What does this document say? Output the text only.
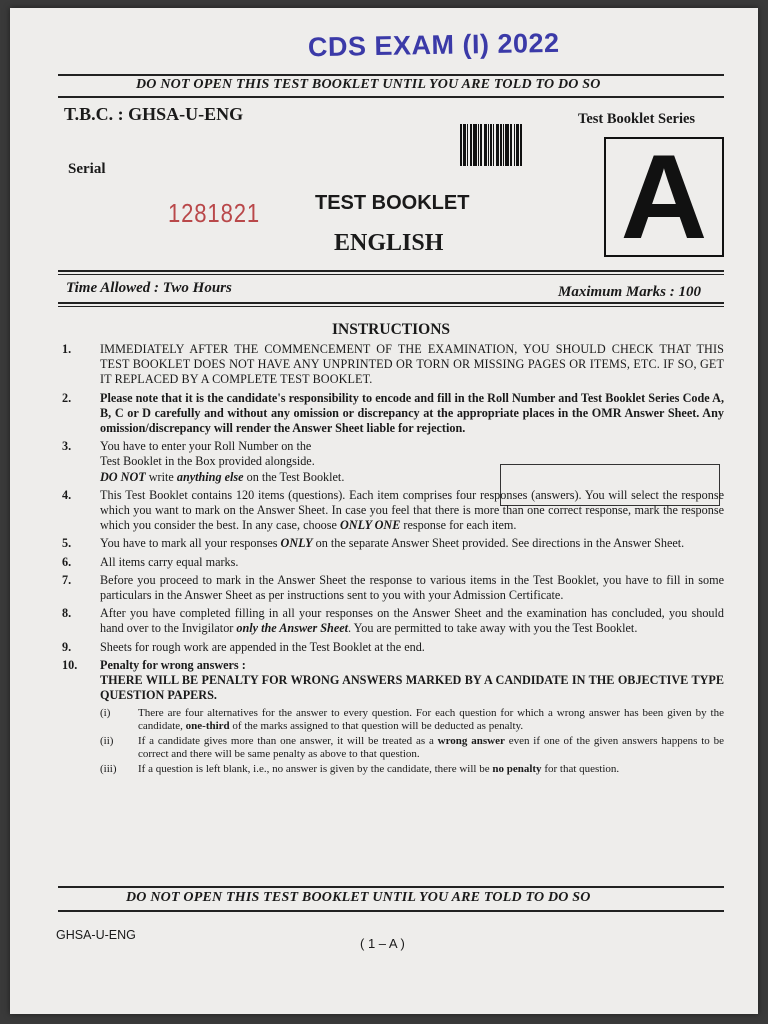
CDS EXAM (I) 2022
DO NOT OPEN THIS TEST BOOKLET UNTIL YOU ARE TOLD TO DO SO
T.B.C. : GHSA-U-ENG	Test Booklet Series
Serial
1281821	TEST BOOKLET
ENGLISH A
Time Allowed : Two Hours	Maximum Marks : 100
INSTRUCTIONS
1.	IMMEDIATELY AFTER THE COMMENCEMENT OF THE EXAMINATION, YOU SHOULD CHECK THAT THIS TEST BOOKLET DOES NOT HAVE ANY UNPRINTED OR TORN OR MISSING PAGES OR ITEMS, ETC. IF SO, GET IT REPLACED BY A COMPLETE TEST BOOKLET.
2.	Please note that it is the candidate's responsibility to encode and fill in the Roll Number and Test Booklet Series Code A, B, C or D carefully and without any omission or discrepancy at the appropriate places in the OMR Answer Sheet. Any omission/discrepancy will render the Answer Sheet liable for rejection.
3.	You have to enter your Roll Number on the
Test Booklet in the Box provided alongside.
DO NOT write anything else on the Test Booklet.
4.	This Test Booklet contains 120 items (questions). Each item comprises four responses (answers). You will select the response which you want to mark on the Answer Sheet. In case you feel that there is more than one correct response, mark the response which you consider the best. In any case, choose ONLY ONE response for each item.
5.	You have to mark all your responses ONLY on the separate Answer Sheet provided. See directions in the Answer Sheet.
6.	All items carry equal marks.
7.	Before you proceed to mark in the Answer Sheet the response to various items in the Test Booklet, you have to fill in some particulars in the Answer Sheet as per instructions sent to you with your Admission Certificate.
8.	After you have completed filling in all your responses on the Answer Sheet and the examination has concluded, you should hand over to the Invigilator only the Answer Sheet. You are permitted to take away with you the Test Booklet.
9.	Sheets for rough work are appended in the Test Booklet at the end.
10.	Penalty for wrong answers :
THERE WILL BE PENALTY FOR WRONG ANSWERS MARKED BY A CANDIDATE IN THE OBJECTIVE TYPE QUESTION PAPERS.
(i)	There are four alternatives for the answer to every question. For each question for which a wrong answer has been given by the candidate, one-third of the marks assigned to that question will be deducted as penalty.
(ii)	If a candidate gives more than one answer, it will be treated as a wrong answer even if one of the given answers happens to be correct and there will be same penalty as above to that question.
(iii)	If a question is left blank, i.e., no answer is given by the candidate, there will be no penalty for that question.
DO NOT OPEN THIS TEST BOOKLET UNTIL YOU ARE TOLD TO DO SO
GHSA-U-ENG
( 1 – A )
